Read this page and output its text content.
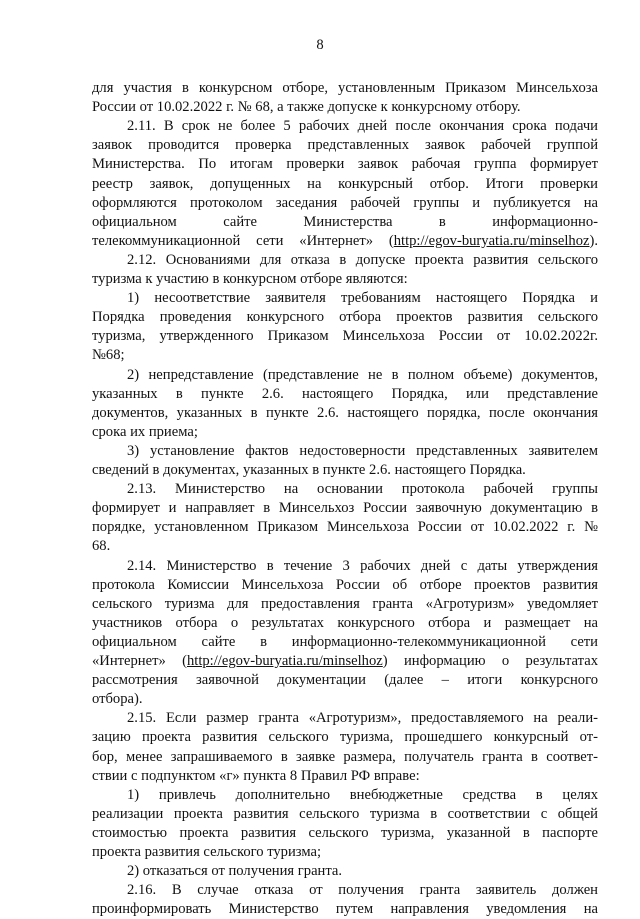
8

для участия в конкурсном отборе, установленным Приказом Минсельхоза

России от 10.02.2022 г. № 68, а также допуске к конкурсному отбору.

2.11. В срок не более 5 рабочих дней после окончания срока подачи

заявок проводится проверка представленных заявок рабочей группой

Министерства. По итогам проверки заявок рабочая группа формирует

реестр заявок, допущенных на конкурсный отбор. Итоги проверки

оформляются протоколом заседания рабочей группы и публикуется на

официальном сайте Министерства в информационно-

телекоммуникационной сети «Интернет» (http://egov-buryatia.ru/minselhoz).

2.12. Основаниями для отказа в допуске проекта развития сельского

туризма к участию в конкурсном отборе являются:

1) несоответствие заявителя требованиям настоящего Порядка и

Порядка проведения конкурсного отбора проектов развития сельского

туризма, утвержденного Приказом Минсельхоза России от 10.02.2022г.

№68;

2) непредставление (представление не в полном объеме) документов,

указанных в пункте 2.6. настоящего Порядка, или представление

документов, указанных в пункте 2.6. настоящего порядка, после окончания

срока их приема;

3) установление фактов недостоверности представленных заявителем

сведений в документах, указанных в пункте 2.6. настоящего Порядка.

2.13. Министерство на основании протокола рабочей группы

формирует и направляет в Минсельхоз России заявочную документацию в

порядке, установленном Приказом Минсельхоза России от 10.02.2022 г. №

68.

2.14. Министерство в течение 3 рабочих дней с даты утверждения

протокола Комиссии Минсельхоза России об отборе проектов развития

сельского туризма для предоставления гранта «Агротуризм» уведомляет

участников отбора о результатах конкурсного отбора и размещает на

официальном сайте в информационно-телекоммуникационной сети

«Интернет» (http://egov-buryatia.ru/minselhoz) информацию о результатах

рассмотрения заявочной документации (далее – итоги конкурсного

отбора).

2.15. Если размер гранта «Агротуризм», предоставляемого на реали-

зацию проекта развития сельского туризма, прошедшего конкурсный от-

бор, менее запрашиваемого в заявке размера, получатель гранта в соответ-

ствии с подпунктом «г» пункта 8 Правил РФ вправе:

1) привлечь дополнительно внебюджетные средства в целях

реализации проекта развития сельского туризма в соответствии с общей

стоимостью проекта развития сельского туризма, указанной в паспорте

проекта развития сельского туризма;

2) отказаться от получения гранта.

2.16. В случае отказа от получения гранта заявитель должен

проинформировать Министерство путем направления уведомления на
